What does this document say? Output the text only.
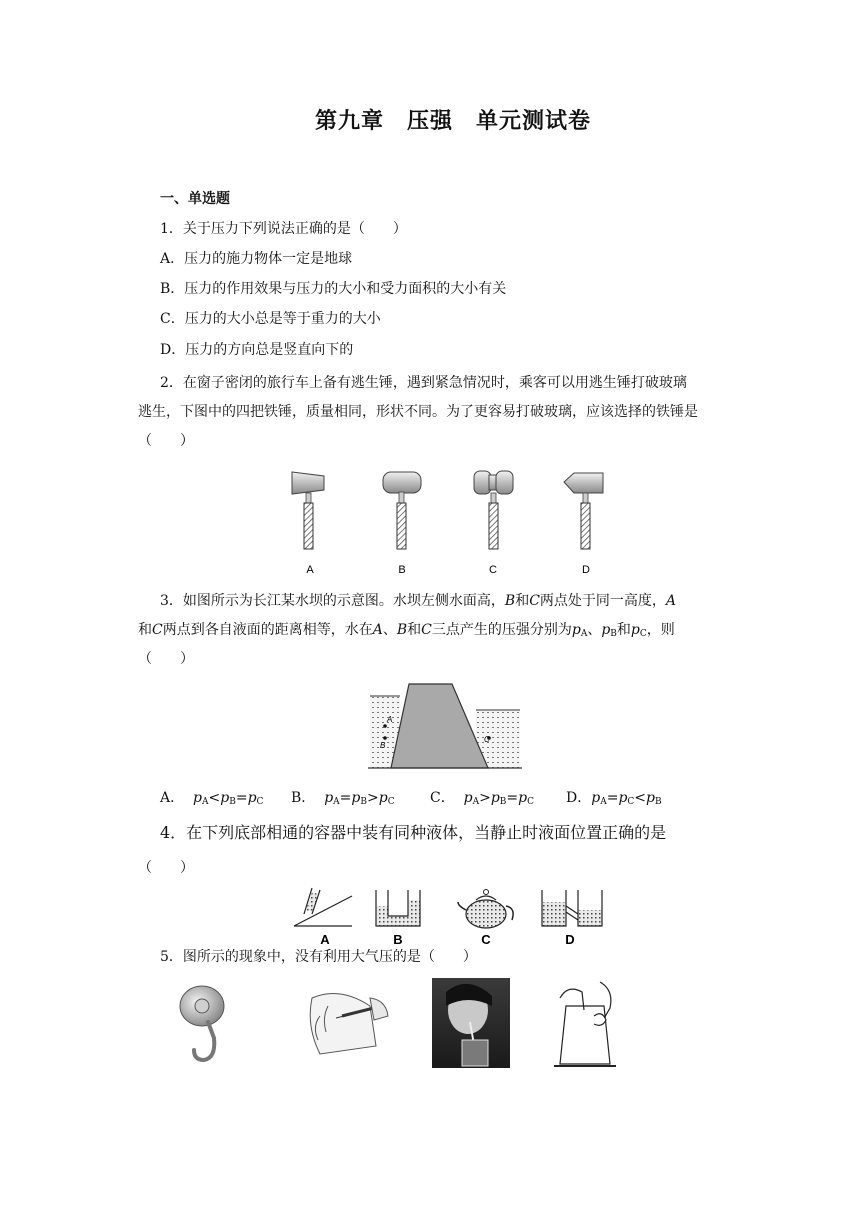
第九章　压强　单元测试卷
一、单选题
1．关于压力下列说法正确的是（　　）
A．压力的施力物体一定是地球
B．压力的作用效果与压力的大小和受力面积的大小有关
C．压力的大小总是等于重力的大小
D．压力的方向总是竖直向下的
2．在窗子密闭的旅行车上备有逃生锤，遇到紧急情况时，乘客可以用逃生锤打破玻璃
逃生，下图中的四把铁锤，质量相同，形状不同。为了更容易打破玻璃，应该选择的铁锤是
（　　）
A	B	C	D
3．如图所示为长江某水坝的示意图。水坝左侧水面高，B和C两点处于同一高度，A
和C两点到各自液面的距离相等，水在A、B和C三点产生的压强分别为$p_A$、$p_B$和$p_C$，则
（　　）
A
B
C
A． $p_A<p_B=p_C$ B． $p_A=p_B>p_C$	C． $p_A>p_B=p_C$ D．$p_A=p_C<p_B$
4．在下列底部相通的容器中装有同种液体，当静止时液面位置正确的是
（　　）
A	B	C	D
5．图所示的现象中，没有利用大气压的是（　　）
